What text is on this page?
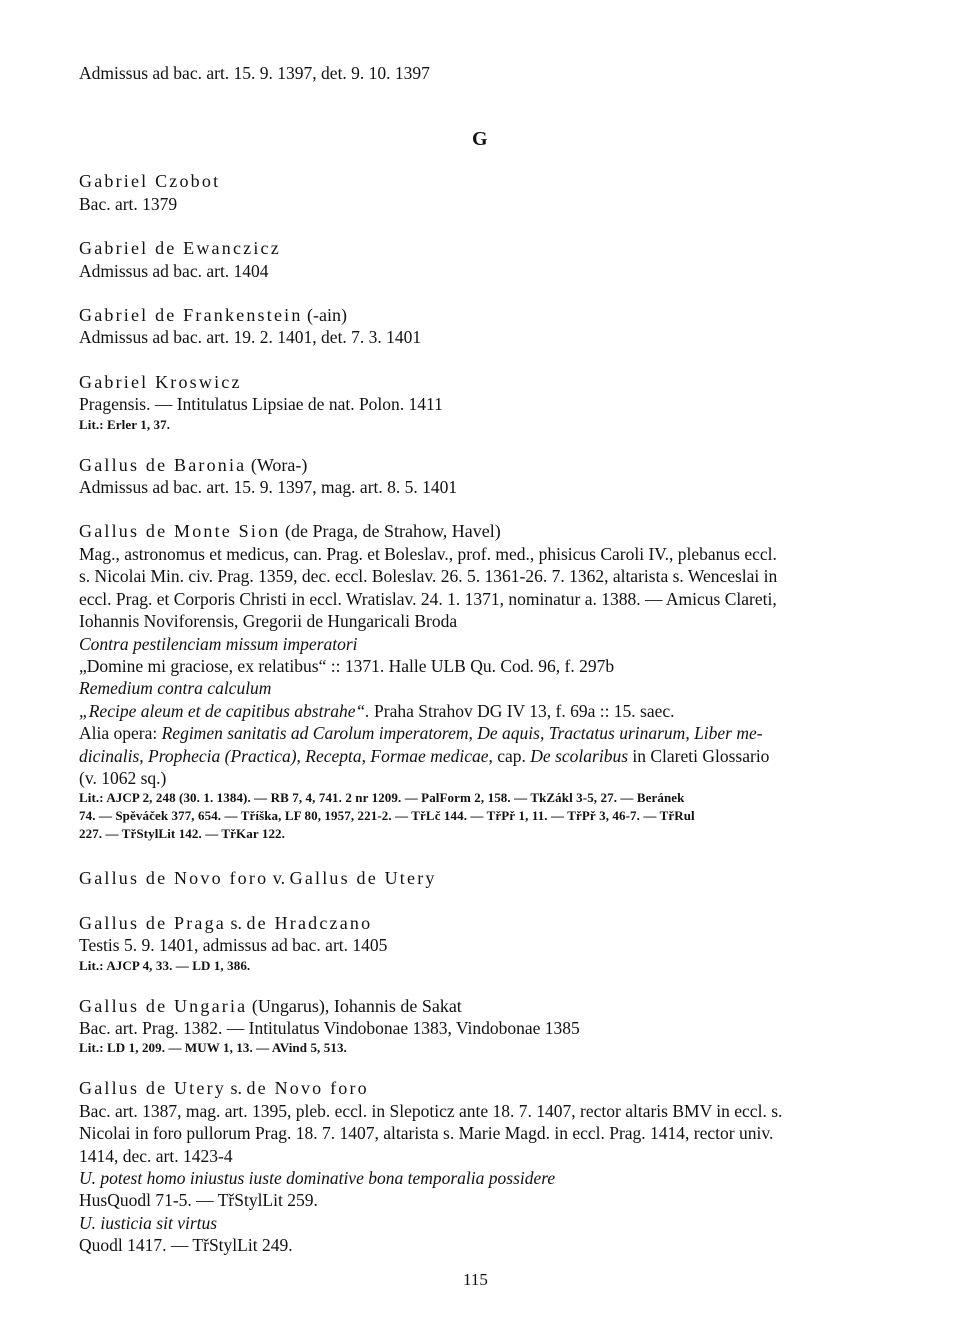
Admissus ad bac. art. 15. 9. 1397, det. 9. 10. 1397
Gabriel Czobot
Bac. art. 1379
Gabriel de Ewanczicz
Admissus ad bac. art. 1404
Gabriel de Frankenstein (-ain)
Admissus ad bac. art. 19. 2. 1401, det. 7. 3. 1401
Gabriel Kroswicz
Pragensis. — Intitulatus Lipsiae de nat. Polon. 1411
Lit.: Erler 1, 37.
Gallus de Baronia (Wora-)
Admissus ad bac. art. 15. 9. 1397, mag. art. 8. 5. 1401
Gallus de Monte Sion (de Praga, de Strahow, Havel)
Mag., astronomus et medicus, can. Prag. et Boleslav., prof. med., phisicus Caroli IV., plebanus eccl.
s. Nicolai Min. civ. Prag. 1359, dec. eccl. Boleslav. 26. 5. 1361-26. 7. 1362, altarista s. Wenceslai in
eccl. Prag. et Corporis Christi in eccl. Wratislav. 24. 1. 1371, nominatur a. 1388. — Amicus Clareti,
Iohannis Noviforensis, Gregorii de Hungaricali Broda
Contra pestilenciam missum imperatori
„Domine mi graciose, ex relatibus“ :: 1371. Halle ULB Qu. Cod. 96, f. 297b
Remedium contra calculum
„Recipe aleum et de capitibus abstrahe“. Praha Strahov DG IV 13, f. 69a :: 15. saec.
Alia opera: Regimen sanitatis ad Carolum imperatorem, De aquis, Tractatus urinarum, Liber me-
dicinalis, Prophecia (Practica), Recepta, Formae medicae, cap. De scolaribus in Clareti Glossario
(v. 1062 sq.)
Lit.: AJCP 2, 248 (30. 1. 1384). — RB 7, 4, 741. 2 nr 1209. — PalForm 2, 158. — TkZákl 3-5, 27. — Beránek
74. — Spěváček 377, 654. — Tříška, LF 80, 1957, 221-2. — TřLč 144. — TřPř 1, 11. — TřPř 3, 46-7. — TřRul
227. — TřStylLit 142. — TřKar 122.
Gallus de Novo foro v. Gallus de Utery
Gallus de Praga s. de Hradczano
Testis 5. 9. 1401, admissus ad bac. art. 1405
Lit.: AJCP 4, 33. — LD 1, 386.
Gallus de Ungaria (Ungarus), Iohannis de Sakat
Bac. art. Prag. 1382. — Intitulatus Vindobonae 1383, Vindobonae 1385
Lit.: LD 1, 209. — MUW 1, 13. — AVind 5, 513.
Gallus de Utery s. de Novo foro
Bac. art. 1387, mag. art. 1395, pleb. eccl. in Slepoticz ante 18. 7. 1407, rector altaris BMV in eccl. s.
Nicolai in foro pullorum Prag. 18. 7. 1407, altarista s. Marie Magd. in eccl. Prag. 1414, rector univ.
1414, dec. art. 1423-4
U. potest homo iniustus iuste dominative bona temporalia possidere
HusQuodl 71-5. — TřStylLit 259.
U. iusticia sit virtus
Quodl 1417. — TřStylLit 249.
G
115
